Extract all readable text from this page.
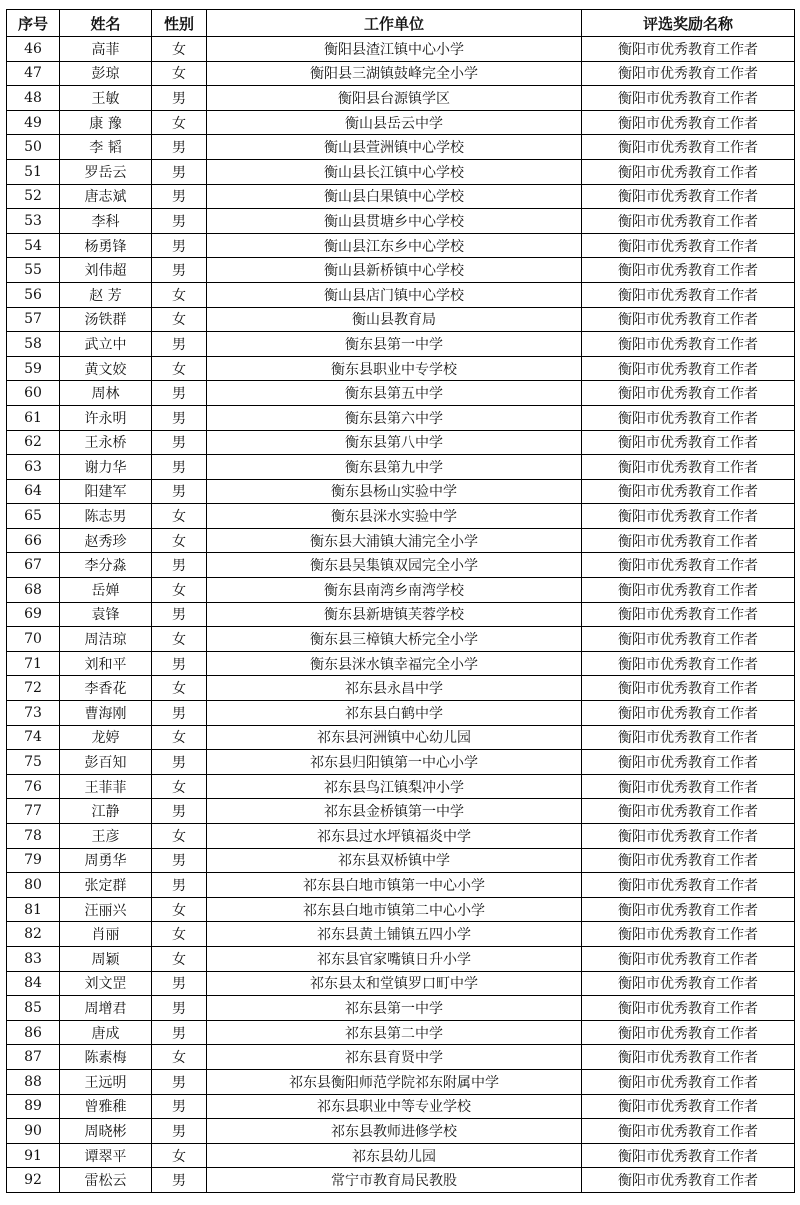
序号	姓名	性别	工作单位	评选奖励名称
46	高菲	女	衡阳县渣江镇中心小学	衡阳市优秀教育工作者
47	彭琼	女	衡阳县三湖镇鼓峰完全小学	衡阳市优秀教育工作者
48	王敏	男	衡阳县台源镇学区	衡阳市优秀教育工作者
49	康 豫	女	衡山县岳云中学	衡阳市优秀教育工作者
50	李 韬	男	衡山县萱洲镇中心学校	衡阳市优秀教育工作者
51	罗岳云	男	衡山县长江镇中心学校	衡阳市优秀教育工作者
52	唐志斌	男	衡山县白果镇中心学校	衡阳市优秀教育工作者
53	李科	男	衡山县贯塘乡中心学校	衡阳市优秀教育工作者
54	杨勇锋	男	衡山县江东乡中心学校	衡阳市优秀教育工作者
55	刘伟超	男	衡山县新桥镇中心学校	衡阳市优秀教育工作者
56	赵 芳	女	衡山县店门镇中心学校	衡阳市优秀教育工作者
57	汤铁群	女	衡山县教育局	衡阳市优秀教育工作者
58	武立中	男	衡东县第一中学	衡阳市优秀教育工作者
59	黄文姣	女	衡东县职业中专学校	衡阳市优秀教育工作者
60	周林	男	衡东县第五中学	衡阳市优秀教育工作者
61	许永明	男	衡东县第六中学	衡阳市优秀教育工作者
62	王永桥	男	衡东县第八中学	衡阳市优秀教育工作者
63	谢力华	男	衡东县第九中学	衡阳市优秀教育工作者
64	阳建军	男	衡东县杨山实验中学	衡阳市优秀教育工作者
65	陈志男	女	衡东县洣水实验中学	衡阳市优秀教育工作者
66	赵秀珍	女	衡东县大浦镇大浦完全小学	衡阳市优秀教育工作者
67	李分淼	男	衡东县吴集镇双园完全小学	衡阳市优秀教育工作者
68	岳婵	女	衡东县南湾乡南湾学校	衡阳市优秀教育工作者
69	袁锋	男	衡东县新塘镇芙蓉学校	衡阳市优秀教育工作者
70	周洁琼	女	衡东县三樟镇大桥完全小学	衡阳市优秀教育工作者
71	刘和平	男	衡东县洣水镇幸福完全小学	衡阳市优秀教育工作者
72	李香花	女	祁东县永昌中学	衡阳市优秀教育工作者
73	曹海刚	男	祁东县白鹤中学	衡阳市优秀教育工作者
74	龙婷	女	祁东县河洲镇中心幼儿园	衡阳市优秀教育工作者
75	彭百知	男	祁东县归阳镇第一中心小学	衡阳市优秀教育工作者
76	王菲菲	女	祁东县鸟江镇梨冲小学	衡阳市优秀教育工作者
77	江静	男	祁东县金桥镇第一中学	衡阳市优秀教育工作者
78	王彦	女	祁东县过水坪镇福炎中学	衡阳市优秀教育工作者
79	周勇华	男	祁东县双桥镇中学	衡阳市优秀教育工作者
80	张定群	男	祁东县白地市镇第一中心小学	衡阳市优秀教育工作者
81	汪丽兴	女	祁东县白地市镇第二中心小学	衡阳市优秀教育工作者
82	肖丽	女	祁东县黄土铺镇五四小学	衡阳市优秀教育工作者
83	周颖	女	祁东县官家嘴镇日升小学	衡阳市优秀教育工作者
84	刘文罡	男	祁东县太和堂镇罗口町中学	衡阳市优秀教育工作者
85	周增君	男	祁东县第一中学	衡阳市优秀教育工作者
86	唐成	男	祁东县第二中学	衡阳市优秀教育工作者
87	陈素梅	女	祁东县育贤中学	衡阳市优秀教育工作者
88	王远明	男	祁东县衡阳师范学院祁东附属中学	衡阳市优秀教育工作者
89	曾雅稚	男	祁东县职业中等专业学校	衡阳市优秀教育工作者
90	周晓彬	男	祁东县教师进修学校	衡阳市优秀教育工作者
91	谭翠平	女	祁东县幼儿园	衡阳市优秀教育工作者
92	雷松云	男	常宁市教育局民教股	衡阳市优秀教育工作者
